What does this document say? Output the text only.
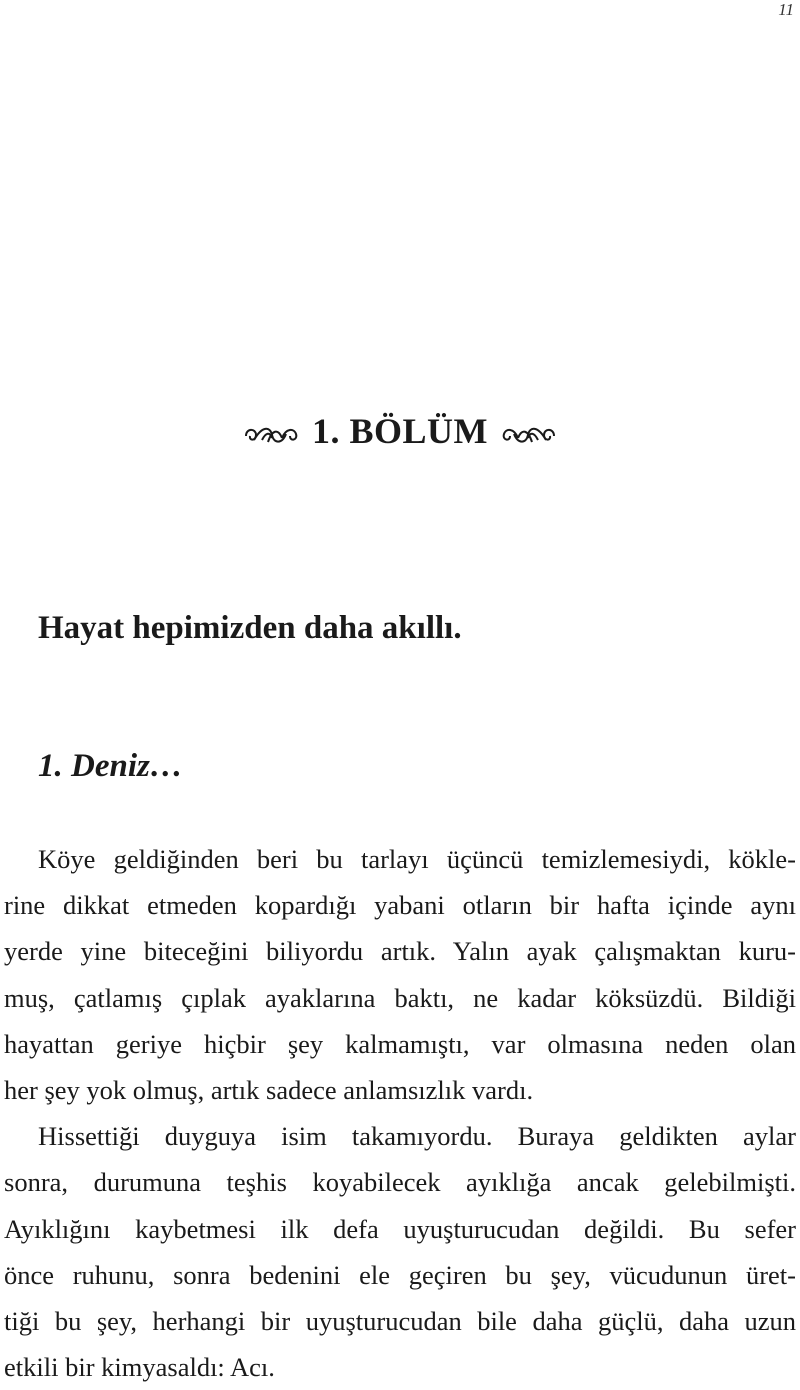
11
1. BÖLÜM
Hayat hepimizden daha akıllı.
1. Deniz…
Köye geldiğinden beri bu tarlayı üçüncü temizlemesiydi, kökle-
rine dikkat etmeden kopardığı yabani otların bir hafta içinde aynı
yerde yine biteceğini biliyordu artık. Yalın ayak çalışmaktan kuru-
muş, çatlamış çıplak ayaklarına baktı, ne kadar köksüzdü. Bildiği
hayattan geriye hiçbir şey kalmamıştı, var olmasına neden olan
her şey yok olmuş, artık sadece anlamsızlık vardı.
Hissettiği duyguya isim takamıyordu. Buraya geldikten aylar
sonra, durumuna teşhis koyabilecek ayıklığa ancak gelebilmişti.
Ayıklığını kaybetmesi ilk defa uyuşturucudan değildi. Bu sefer
önce ruhunu, sonra bedenini ele geçiren bu şey, vücudunun üret-
tiği bu şey, herhangi bir uyuşturucudan bile daha güçlü, daha uzun
etkili bir kimyasaldı: Acı.
